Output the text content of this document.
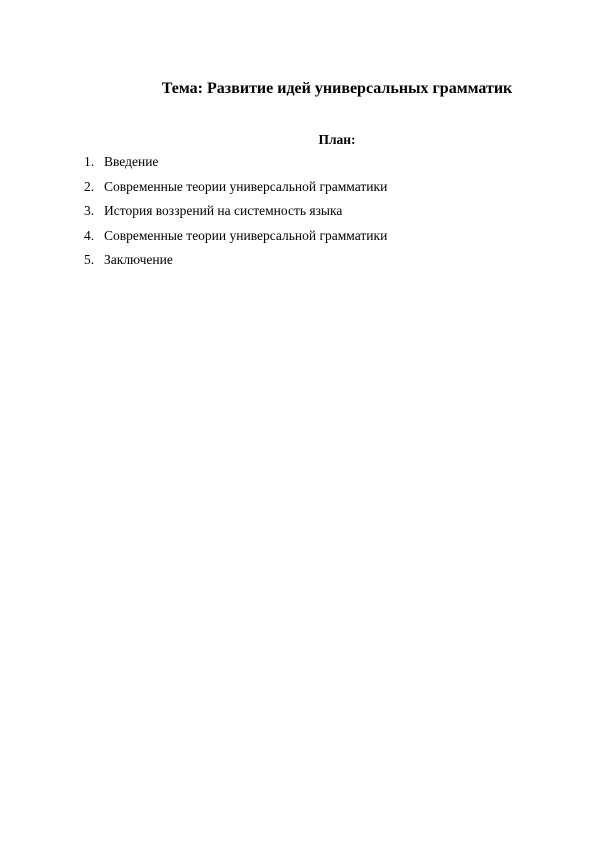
Тема: Развитие идей универсальных грамматик
План:
1. Введение
2. Современные теории универсальной грамматики
3. История воззрений на системность языка
4. Современные теории универсальной грамматики
5. Заключение
